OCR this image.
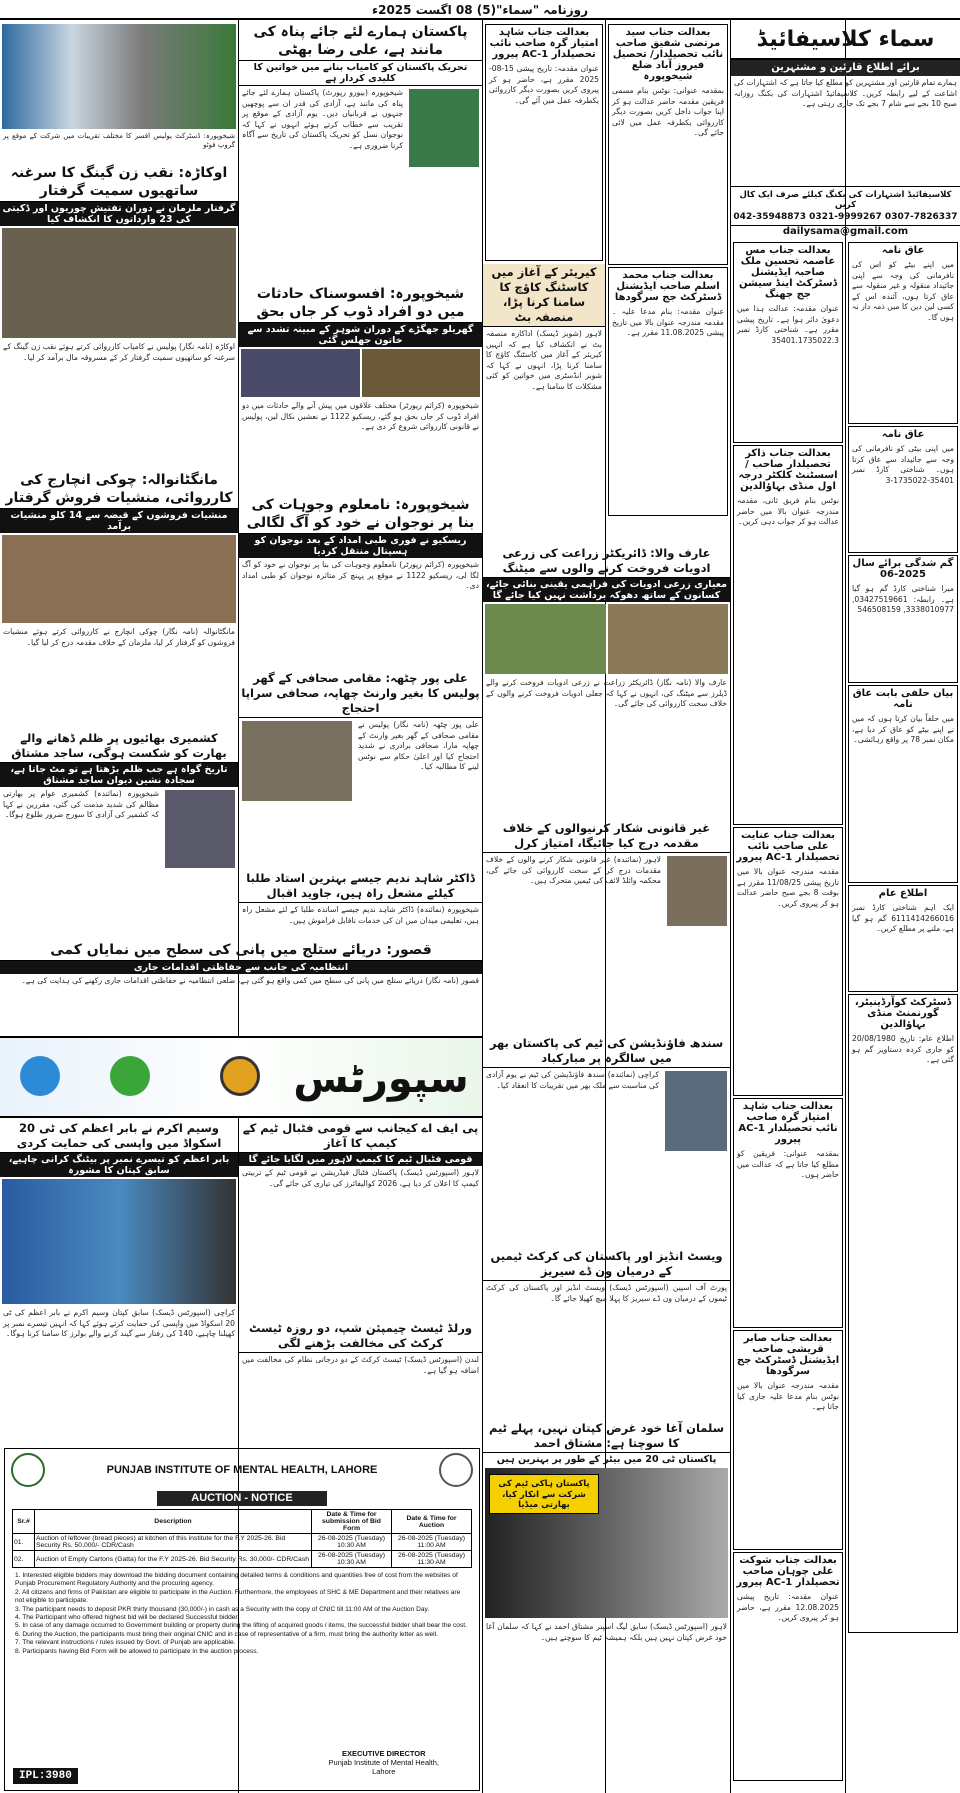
روزنامہ "سماء"(5) 08 اگست 2025ء
سماء کلاسیفائیڈ
برائے اطلاع قارئین و مشتہرین
ہمارے تمام قارئین اور مشتہرین کو مطلع کیا جاتا ہے کہ اشتہارات کی اشاعت کے لیے رابطہ کریں۔ کلاسیفائیڈ اشتہارات کی بکنگ روزانہ صبح 10 بجے سے شام 7 بجے تک جاری رہتی ہے۔
کلاسیفائیڈ اشتہارات کی بکنگ کیلئے صرف ایک کال کریں
042-35948873 0321-9999267 0307-7826337
dailysama@gmail.com
عاق نامہ
میں اپنے بیٹے کو اس کی نافرمانی کی وجہ سے اپنی جائیداد منقولہ و غیر منقولہ سے عاق کرتا ہوں، آئندہ اس کے کسی لین دین کا میں ذمہ دار نہ ہوں گا۔
عاق نامہ
میں اپنی بیٹی کو نافرمانی کی وجہ سے جائیداد سے عاق کرتا ہوں۔ شناختی کارڈ نمبر 35401-1735022-3
گم شدگی برائے سال 2025-06
میرا شناختی کارڈ گم ہو گیا ہے۔ رابطہ: 03427519661, 3338010977, 546508159
بیان حلفی بابت عاق نامہ
میں حلفاً بیان کرتا ہوں کہ میں نے اپنے بیٹے کو عاق کر دیا ہے، مکان نمبر 78 پر واقع رہائشی۔
اطلاع عام
ایک اہم شناختی کارڈ نمبر 6111414266016 گم ہو گیا ہے، ملنے پر مطلع کریں۔
ڈسٹرکٹ کوآرڈینیٹر، گورنمنٹ منڈی بہاؤالدین
اطلاع عام: تاریخ 20/08/1980 کو جاری کردہ دستاویز گم ہو گئی ہے۔
بعدالت جناب مس عاصمہ تحسین ملک صاحبہ ایڈیشنل ڈسٹرکٹ اینڈ سیشن جج جھنگ
عنوان مقدمہ: عدالت ہذا میں دعویٰ دائر ہوا ہے۔ تاریخ پیشی مقرر ہے۔ شناختی کارڈ نمبر 35401.1735022.3
بعدالت جناب ذاکر تحصیلدار صاحب / اسسٹنٹ کلکٹر درجہ اول منڈی بہاؤالدین
نوٹس بنام فریق ثانی، مقدمہ مندرجہ عنوان بالا میں حاضر عدالت ہو کر جواب دہی کریں۔
بعدالت جناب عنایت علی صاحب نائب تحصیلدار AC-1 پیرور
مقدمہ مندرجہ عنوان بالا میں تاریخ پیشی 11/08/25 مقرر ہے بوقت 8 بجے صبح حاضر عدالت ہو کر پیروی کریں۔
بعدالت جناب شاہد امتیاز گرہ صاحب نائب تحصیلدار AC-1 پیرور
بمقدمہ عنوانی: فریقین کو مطلع کیا جاتا ہے کہ عدالت میں حاضر ہوں۔
بعدالت جناب صابر قریشی صاحب ایڈیشنل ڈسٹرکٹ جج سرگودھا
مقدمہ مندرجہ عنوان بالا میں نوٹس بنام مدعا علیہ جاری کیا جاتا ہے۔
بعدالت جناب شوکت علی چوہان صاحب تحصیلدار AC-1 پیرور
عنوان مقدمہ: تاریخ پیشی 12.08.2025 مقرر ہے، حاضر ہو کر پیروی کریں۔
بعدالت جناب سید مرتضی شفیق صاحب نائب تحصیلدار/ تحصیل فیروز آباد ضلع شیخوپورہ
بمقدمہ عنوانی: نوٹس بنام مسمی فریقین مقدمہ حاضر عدالت ہو کر اپنا جواب داخل کریں بصورت دیگر کارروائی یکطرفہ عمل میں لائی جائے گی۔
بعدالت جناب محمد اسلم صاحب ایڈیشنل ڈسٹرکٹ جج سرگودھا
عنوان مقدمہ: بنام مدعا علیہ ۔ مقدمہ مندرجہ عنوان بالا میں تاریخ پیشی 11.08.2025 مقرر ہے۔
بعدالت جناب شاہد امتیاز گرہ صاحب نائب تحصیلدار AC-1 پیرور
عنوان مقدمہ: تاریخ پیشی 15-08-2025 مقرر ہے، حاضر ہو کر پیروی کریں بصورت دیگر کارروائی یکطرفہ عمل میں آئے گی۔
کیریئر کے آغاز میں کاسٹنگ کاؤچ کا سامنا کرنا پڑا، منصفہ بٹ
لاہور (شوبز ڈیسک) اداکارہ منصفہ بٹ نے انکشاف کیا ہے کہ انہیں کیریئر کے آغاز میں کاسٹنگ کاؤچ کا سامنا کرنا پڑا، انہوں نے کہا کہ شوبز انڈسٹری میں خواتین کو کئی مشکلات کا سامنا ہے۔
عارف والا: ڈائریکٹر زراعت کی زرعی ادویات فروخت کرنے والوں سے میٹنگ
معیاری زرعی ادویات کی فراہمی یقینی بنائی جائے، کسانوں کے ساتھ دھوکہ برداشت نہیں کیا جائے گا
عارف والا (نامہ نگار) ڈائریکٹر زراعت نے زرعی ادویات فروخت کرنے والے ڈیلرز سے میٹنگ کی، انہوں نے کہا کہ جعلی ادویات فروخت کرنے والوں کے خلاف سخت کارروائی کی جائے گی۔
غیر قانونی شکار کرنیوالوں کے خلاف مقدمہ درج کیا جائیگا، امتیاز کرل
لاہور (نمائندہ) غیر قانونی شکار کرنے والوں کے خلاف مقدمات درج کر کے سخت کارروائی کی جائے گی، محکمہ وائلڈ لائف کی ٹیمیں متحرک ہیں۔
سندھ فاؤنڈیشن کی ٹیم کی پاکستان بھر میں سالگرہ پر مبارکباد
کراچی (نمائندہ) سندھ فاؤنڈیشن کی ٹیم نے یوم آزادی کی مناسبت سے ملک بھر میں تقریبات کا انعقاد کیا۔
ویسٹ انڈیز اور پاکستان کی کرکٹ ٹیمیں کے درمیان ون ڈے سیریز
پورٹ آف اسپین (اسپورٹس ڈیسک) ویسٹ انڈیز اور پاکستان کی کرکٹ ٹیموں کے درمیان ون ڈے سیریز کا پہلا میچ کھیلا جائے گا۔
پاکستان ہمارے لئے جائے پناہ کی مانند ہے، علی رضا بھٹی
تحریک پاکستان کو کامیاب بنانے میں خواتین کا کلیدی کردار ہے
شیخوپورہ (بیورو رپورٹ) پاکستان ہمارے لئے جائے پناہ کی مانند ہے، آزادی کی قدر ان سے پوچھیں جنہوں نے قربانیاں دیں۔ یوم آزادی کے موقع پر تقریب سے خطاب کرتے ہوئے انہوں نے کہا کہ نوجوان نسل کو تحریک پاکستان کی تاریخ سے آگاہ کرنا ضروری ہے۔
شیخوپورہ: افسوسناک حادثات میں دو افراد ڈوب کر جاں بحق
گھریلو جھگڑے کے دوران شوہر کے مبینہ تشدد سے خاتون جھلس گئی
شیخوپورہ (کرائم رپورٹر) مختلف علاقوں میں پیش آنے والے حادثات میں دو افراد ڈوب کر جاں بحق ہو گئے، ریسکیو 1122 نے نعشیں نکال لیں، پولیس نے قانونی کارروائی شروع کر دی ہے۔
شیخوپورہ: نامعلوم وجوہات کی بنا پر نوجوان نے خود کو آگ لگالی
ریسکیو نے فوری طبی امداد کے بعد نوجوان کو ہسپتال منتقل کردیا
شیخوپورہ (کرائم رپورٹر) نامعلوم وجوہات کی بنا پر نوجوان نے خود کو آگ لگا لی، ریسکیو 1122 نے موقع پر پہنچ کر متاثرہ نوجوان کو طبی امداد دی۔
علی پور چٹھہ: مقامی صحافی کے گھر پولیس کا بغیر وارنٹ چھاپہ، صحافی سراپا احتجاج
علی پور چٹھہ (نامہ نگار) پولیس نے مقامی صحافی کے گھر بغیر وارنٹ کے چھاپہ مارا، صحافی برادری نے شدید احتجاج کیا اور اعلیٰ حکام سے نوٹس لینے کا مطالبہ کیا۔
ڈاکٹر شاہد ندیم جیسے بہترین استاد طلبا کیلئے مشعل راہ ہیں، جاوید اقبال
شیخوپورہ (نمائندہ) ڈاکٹر شاہد ندیم جیسے اساتذہ طلبا کے لئے مشعل راہ ہیں، تعلیمی میدان میں ان کی خدمات ناقابل فراموش ہیں۔
شیخوپورہ: ڈسٹرکٹ پولیس افسر کا مختلف تقریبات میں شرکت کے موقع پر گروپ فوٹو
اوکاڑہ: نقب زن گینگ کا سرغنہ ساتھیوں سمیت گرفتار
گرفتار ملزمان نے دوران تفتیش چوریوں اور ڈکیتی کی 23 وارداتوں کا انکشاف کیا
اوکاڑہ (نامہ نگار) پولیس نے کامیاب کارروائی کرتے ہوئے نقب زن گینگ کے سرغنہ کو ساتھیوں سمیت گرفتار کر کے مسروقہ مال برآمد کر لیا۔
مانگٹانوالہ: چوکی انچارج کی کارروائی، منشیات فروش گرفتار
منشیات فروشوں کے قبضہ سے 14 کلو منشیات برآمد
مانگٹانوالہ (نامہ نگار) چوکی انچارج نے کارروائی کرتے ہوئے منشیات فروشوں کو گرفتار کر لیا، ملزمان کے خلاف مقدمہ درج کر لیا گیا۔
کشمیری بھائیوں پر ظلم ڈھانے والے بھارت کو شکست ہوگی، ساجد مشتاق
تاریخ گواہ ہے جب ظلم بڑھتا ہے تو مٹ جاتا ہے، سجادہ نشین دیوان ساجد مشتاق
شیخوپورہ (نمائندہ) کشمیری عوام پر بھارتی مظالم کی شدید مذمت کی گئی، مقررین نے کہا کہ کشمیر کی آزادی کا سورج ضرور طلوع ہوگا۔
قصور: دریائے ستلج میں پانی کی سطح میں نمایاں کمی
انتظامیہ کی جانب سے حفاظتی اقدامات جاری
قصور (نامہ نگار) دریائے ستلج میں پانی کی سطح میں کمی واقع ہو گئی ہے، ضلعی انتظامیہ نے حفاظتی اقدامات جاری رکھنے کی ہدایت کی ہے۔
سپورٹس
وسیم اکرم نے بابر اعظم کی ٹی 20 اسکواڈ میں واپسی کی حمایت کردی
بابر اعظم کو تیسرے نمبر پر بیٹنگ کرانی چاہیے، سابق کپتان کا مشورہ
کراچی (اسپورٹس ڈیسک) سابق کپتان وسیم اکرم نے بابر اعظم کی ٹی 20 اسکواڈ میں واپسی کی حمایت کرتے ہوئے کہا کہ انہیں تیسرے نمبر پر کھیلنا چاہیے، 140 کی رفتار سے گیند کرنے والے بولرز کا سامنا کرنا ہوگا۔
پی ایف اے کیجانب سے قومی فٹبال ٹیم کے کیمپ کا آغاز
قومی فٹبال ٹیم کا کیمپ لاہور میں لگایا جائے گا
لاہور (اسپورٹس ڈیسک) پاکستان فٹبال فیڈریشن نے قومی ٹیم کے تربیتی کیمپ کا اعلان کر دیا ہے، 2026 کوالیفائرز کی تیاری کی جائے گی۔
ورلڈ ٹیسٹ چیمپئن شپ، دو روزہ ٹیسٹ کرکٹ کی مخالفت بڑھنے لگی
لندن (اسپورٹس ڈیسک) ٹیسٹ کرکٹ کے دو درجاتی نظام کی مخالفت میں اضافہ ہو گیا ہے۔
سلمان آغا خود غرض کپتان نہیں، پہلے ٹیم کا سوچتا ہے: مشتاق احمد
پاکستان ٹی 20 میں بیٹر کے طور پر بہترین ہیں
پاکستان ہاکی ٹیم کی شرکت سے انکار کیا، بھارتی میڈیا
لاہور (اسپورٹس ڈیسک) سابق لیگ اسپنر مشتاق احمد نے کہا کہ سلمان آغا خود غرض کپتان نہیں ہیں بلکہ ہمیشہ ٹیم کا سوچتے ہیں۔
PUNJAB INSTITUTE OF MENTAL HEALTH, LAHORE
AUCTION - NOTICE
Sr.#	Description	Date & Time for submission of Bid Form	Date & Time for Auction
01.	Auction of leftover (bread pieces) at kitchen of this institute for the F.Y 2025-26. Bid Security Rs. 50,000/- CDR/Cash	26-08-2025 (Tuesday) 10:30 AM	26-08-2025 (Tuesday) 11:00 AM
02.	Auction of Empty Cartons (Gatta) for the F.Y 2025-26. Bid Security Rs. 30,000/- CDR/Cash	26-08-2025 (Tuesday) 10:30 AM	26-08-2025 (Tuesday) 11:30 AM
1. Interested eligible bidders may download the bidding document containing detailed terms & conditions and quantities free of cost from the websites of Punjab Procurement Regulatory Authority and the procuring agency.
2. All citizens and firms of Pakistan are eligible to participate in the Auction. Furthermore, the employees of SHC & ME Department and their relatives are not eligible to participate.
3. The participant needs to deposit PKR thirty thousand (30,000/-) in cash as a Security with the copy of CNIC till 11:00 AM of the Auction Day.
4. The Participant who offered highest bid will be declared Successful bidder.
5. In case of any damage occurred to Government building or property during the lifting of acquired goods / items, the successful bidder shall bear the cost.
6. During the Auction, the participants must bring their original CNIC and in case of representative of a firm, must bring the authority letter as well.
7. The relevant instructions / rules issued by Govt. of Punjab are applicable.
8. Participants having Bid Form will be allowed to participate in the auction process.
EXECUTIVE DIRECTOR
Punjab Institute of Mental Health,
Lahore
IPL:3980
